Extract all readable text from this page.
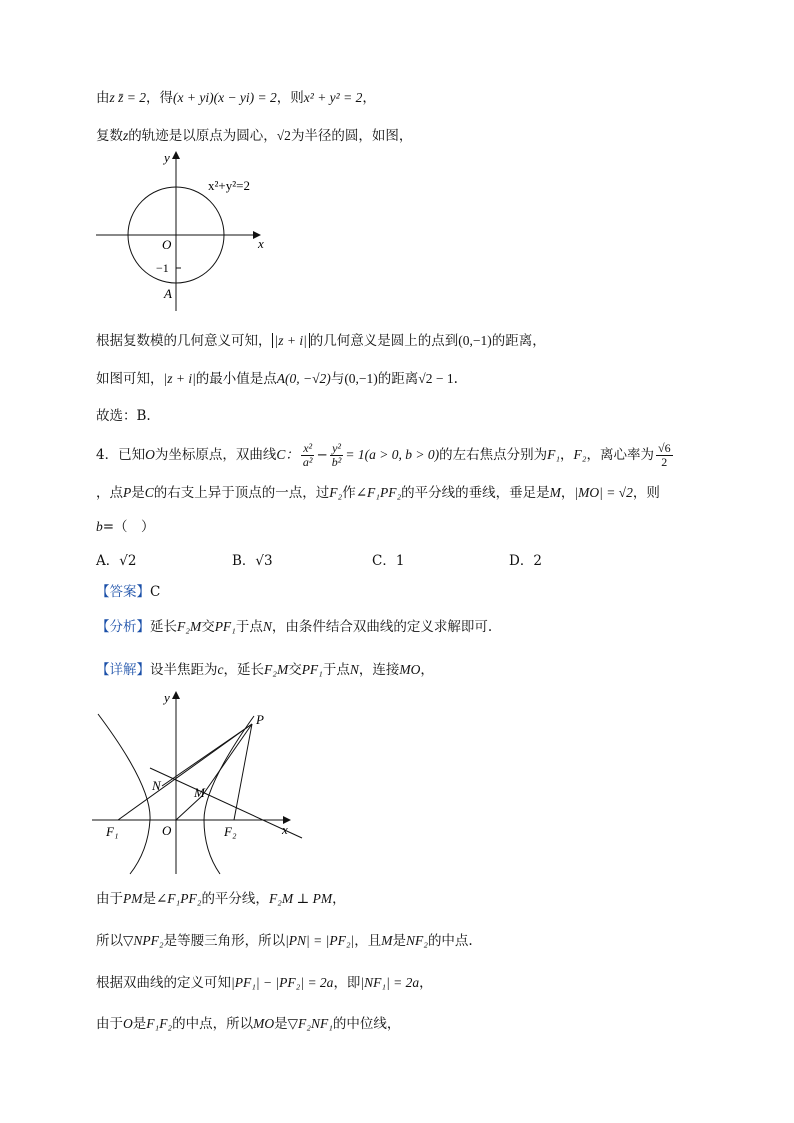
由z z̄ = 2，得(x + yi)(x − yi) = 2，则x² + y² = 2，
复数z的轨迹是以原点为圆心，√2为半径的圆，如图，
y
x
O
−1
A
x²+y²=2
根据复数模的几何意义可知， |z + i| 的几何意义是圆上的点到(0,−1)的距离，
如图可知，|z + i|的最小值是点A(0, −√2)与(0,−1)的距离√2 − 1.
故选：B.
4．已知O为坐标原点，双曲线C： $\frac{\text{x²}}{\text{a²}} - \frac{\text{y²}}{\text{b²}} = 1(a > 0$, b > 0)的左右焦点分别为F₁，F₂，离心率为 $\frac{√6}{2}$
，点P是C的右支上异于顶点的一点，过F₂作∠F₁PF₂的平分线的垂线，垂足是M，|MO| = √2，则
b=（　）
A．√2	B．√3	C．1	D．2
【答案】C
【分析】延长F₂M交PF₁于点N，由条件结合双曲线的定义求解即可.
【详解】设半焦距为c，延长F₂M交PF₁于点N，连接MO，
y
x
O
P
N	M
F₁	F₂
由于PM是∠F₁PF₂的平分线，F₂M ⊥ PM，
所以▽NPF₂是等腰三角形，所以|PN| = |PF₂|，且M是NF₂的中点.
根据双曲线的定义可知|PF₁| − |PF₂| = 2a，即|NF₁| = 2a，
由于O是F₁F₂的中点，所以MO是▽F₂NF₁的中位线，
